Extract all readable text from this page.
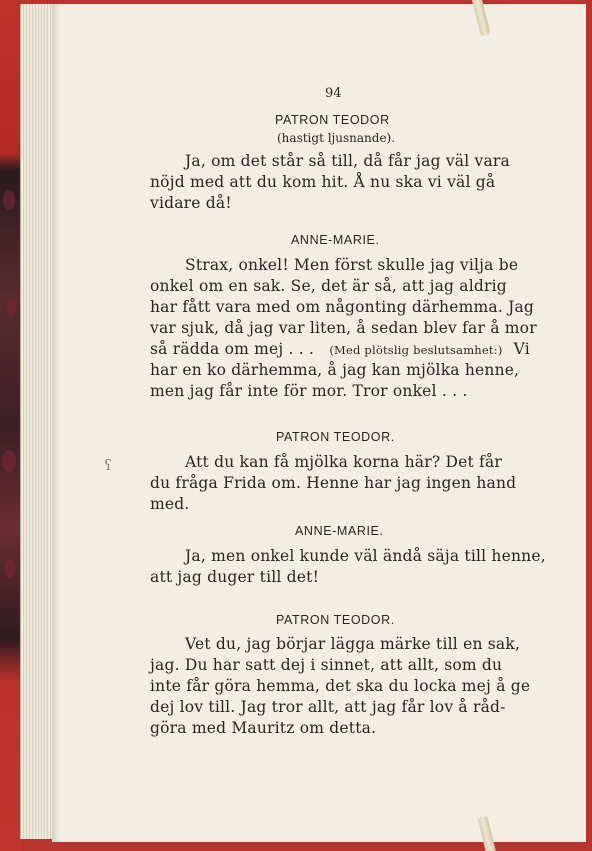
94
PATRON TEODOR
(hastigt ljusnande).
Ja, om det står så till, då får jag väl vara
nöjd med att du kom hit. Å nu ska vi väl gå
vidare då!
ANNE-MARIE.
Strax, onkel! Men först skulle jag vilja be
onkel om en sak. Se, det är så, att jag aldrig
har fått vara med om någonting därhemma. Jag
var sjuk, då jag var liten, å sedan blev far å mor
så rädda om mej . . . (Med plötslig beslutsamhet:) Vi
har en ko därhemma, å jag kan mjölka henne,
men jag får inte för mor. Tror onkel . . .
PATRON TEODOR.
Att du kan få mjölka korna här? Det får
du fråga Frida om. Henne har jag ingen hand
med.
ʕ
ANNE-MARIE.
Ja, men onkel kunde väl ändå säja till henne,
att jag duger till det!
PATRON TEODOR.
Vet du, jag börjar lägga märke till en sak,
jag. Du har satt dej i sinnet, att allt, som du
inte får göra hemma, det ska du locka mej å ge
dej lov till. Jag tror allt, att jag får lov å råd-
göra med Mauritz om detta.
